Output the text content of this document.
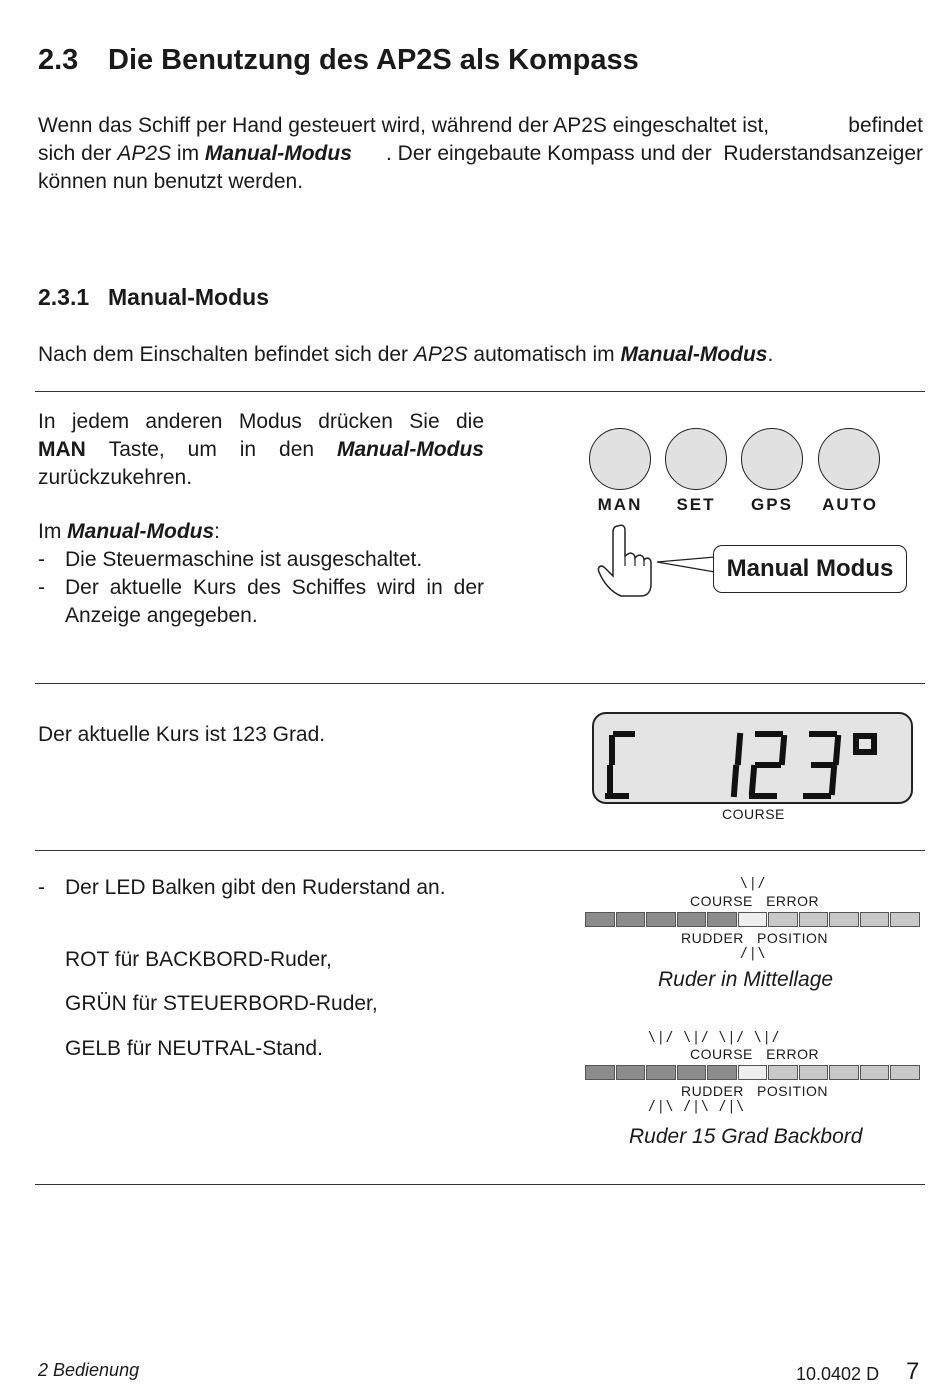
2.3 Die Benutzung des AP2S als Kompass
Wenn das Schiff per Hand gesteuert wird, während der AP2S eingeschaltet ist,	befindet
sich der AP2S im Manual-Modus . Der eingebaute Kompass und der  Ruderstandsanzeiger
können nun benutzt werden.
2.3.1 Manual-Modus
Nach dem Einschalten befindet sich der AP2S automatisch im Manual-Modus.
In jedem anderen Modus drücken Sie die
MAN Taste, um in den Manual-Modus
zurückzukehren.
Im Manual-Modus:
- Die Steuermaschine ist ausgeschaltet.
- Der aktuelle Kurs des Schiffes wird in der
Anzeige angegeben.
MAN	SET	GPS	AUTO
Manual Modus
Der aktuelle Kurs ist 123 Grad.
COURSE
- Der LED Balken gibt den Ruderstand an.
ROT für BACKBORD-Ruder,
GRÜN für STEUERBORD-Ruder,
GELB für NEUTRAL-Stand.
\|/
COURSE   ERROR
RUDDER   POSITION
/|\
Ruder in Mittellage
\|/ \|/ \|/ \|/
COURSE   ERROR
RUDDER   POSITION
/|\ /|\ /|\
Ruder 15 Grad Backbord
2 Bedienung	10.0402 D 7
